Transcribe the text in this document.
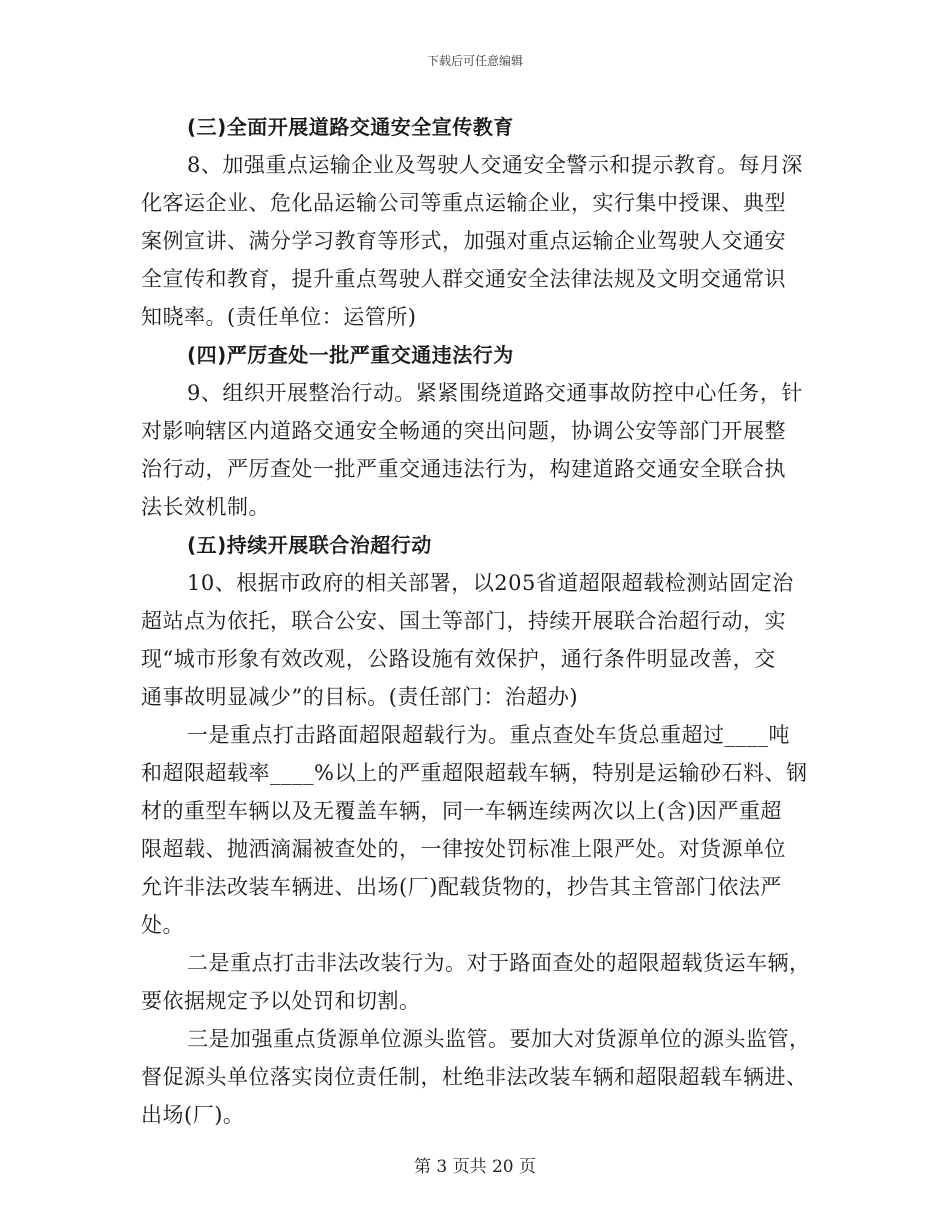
下载后可任意编辑
(三)全面开展道路交通安全宣传教育
8、加强重点运输企业及驾驶人交通安全警示和提示教育。每月深
化客运企业、危化品运输公司等重点运输企业，实行集中授课、典型
案例宣讲、满分学习教育等形式，加强对重点运输企业驾驶人交通安
全宣传和教育，提升重点驾驶人群交通安全法律法规及文明交通常识
知晓率。(责任单位：运管所)
(四)严厉查处一批严重交通违法行为
9、组织开展整治行动。紧紧围绕道路交通事故防控中心任务，针
对影响辖区内道路交通安全畅通的突出问题，协调公安等部门开展整
治行动，严厉查处一批严重交通违法行为，构建道路交通安全联合执
法长效机制。
(五)持续开展联合治超行动
10、根据市政府的相关部署，以205省道超限超载检测站固定治
超站点为依托，联合公安、国土等部门，持续开展联合治超行动，实
现“城市形象有效改观，公路设施有效保护，通行条件明显改善，交
通事故明显减少”的目标。(责任部门：治超办)
一是重点打击路面超限超载行为。重点查处车货总重超过____吨
和超限超载率____%以上的严重超限超载车辆，特别是运输砂石料、钢
材的重型车辆以及无覆盖车辆，同一车辆连续两次以上(含)因严重超
限超载、抛洒滴漏被查处的，一律按处罚标准上限严处。对货源单位
允许非法改装车辆进、出场(厂)配载货物的，抄告其主管部门依法严
处。
二是重点打击非法改装行为。对于路面查处的超限超载货运车辆，
要依据规定予以处罚和切割。
三是加强重点货源单位源头监管。要加大对货源单位的源头监管，
督促源头单位落实岗位责任制，杜绝非法改装车辆和超限超载车辆进、
出场(厂)。
第 3 页共 20 页
